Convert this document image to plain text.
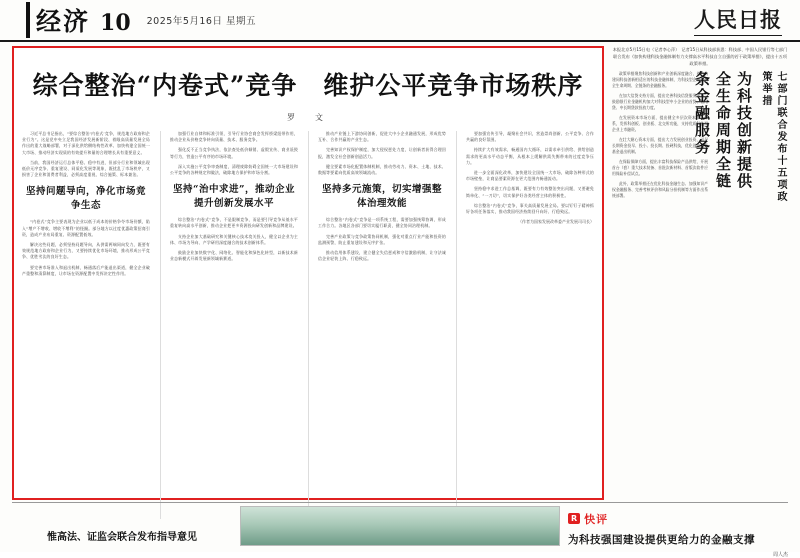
经济 10 2025年5月16日 星期五	人民日报
综合整治“内卷式”竞争　维护公平竞争市场秩序
罗　文

习近平总书记指出，“要综合整治‘内卷式’竞争，规范地方政府和企业行为”。这是党中央立足我国经济发展新阶段、着眼高质量发展全局作出的重大战略部署，对于深化供给侧结构性改革、加快构建全国统一大市场、推动经济实现质的有效提升和量的合理增长具有重要意义。

当前，我国经济运行总体平稳、稳中有进，但部分行业和领域出现低价无序竞争、重复建设、同质化发展等现象，既扰乱了市场秩序，又损害了企业和消费者利益，必须高度重视、综合施策、标本兼治。

坚持问题导向，净化市场竞争生态

“内卷式”竞争主要表现为企业以低于成本的价格争夺市场份额，陷入“增产不增收、增收不增利”的怪圈。部分地方以过度优惠政策招商引资，造成产业布局重复、资源配置低效。

解决这些问题，必须坚持问题导向，从供需两端同向发力，既要有效规范地方政府和企业行为，又要持续优化市场环境，推动形成公平竞争、优胜劣汰的良好生态。

要完善市场准入和退出机制，畅通落后产能退出渠道，健全企业破产重整和清算制度，让市场在资源配置中发挥决定性作用。

加强行业自律和标准引领，引导行业协会商会发挥桥梁纽带作用，推动企业从价格竞争转向质量、技术、服务竞争。

强化反不正当竞争执法，依法查处低价倾销、虚假宣传、商业诋毁等行为，营造公平有序的市场环境。

深入实施公平竞争审查制度，清理废除妨碍全国统一大市场建设和公平竞争的各种规定和做法，破除地方保护和市场分割。

坚持“治中求进”，推动企业提升创新发展水平

综合整治“内卷式”竞争，不是限制竞争，而是要引导竞争从低水平重复转向高水平创新，推动企业把更多资源投向研发创新和品牌建设。

支持企业加大基础研究和关键核心技术攻关投入，健全以企业为主体、市场为导向、产学研用深度融合的技术创新体系。

鼓励企业加快数字化、网络化、智能化和绿色化转型，以新技术新业态新模式开辟发展新领域新赛道。

推动产业链上下游协同创新，促进大中小企业融通发展，形成优势互补、合作共赢的产业生态。

完善知识产权保护制度，加大侵权惩处力度，让创新者获得合理回报，激发全社会创新创造活力。

健全要素市场化配置体制机制，推动劳动力、资本、土地、技术、数据等要素向优质高效领域流动。

坚持多元施策，切实增强整体治理效能

综合整治“内卷式”竞争是一项系统工程，需要加强统筹协调，形成工作合力。各地区各部门要切实履行职责，健全协同治理机制。

完善产业政策与竞争政策协同机制，强化对重点行业产能和投资的监测预警，防止重复建设和无序扩张。

推动信用体系建设，建立健全失信惩戒和守信激励机制，让守法诚信企业轻装上阵、行稳致远。

要加强宣传引导，凝聚社会共识，营造崇尚创新、公平竞争、合作共赢的良好氛围。

持续扩大有效需求，畅通国内大循环，以需求牵引供给、供给创造需求的更高水平动态平衡，从根本上缓解供需失衡带来的过度竞争压力。

进一步全面深化改革，加快建设全国统一大市场，破除各种形式的市场壁垒，让商品要素资源在更大范围内畅通流动。

坚持稳中求进工作总基调，既要有力有效整治突出问题，又要避免简单化、“一刀切”，切实保护好各类经营主体的积极性。

综合整治“内卷式”竞争，事关高质量发展全局。要以钉钉子精神抓好各项任务落实，推动我国经济持续回升向好、行稳致远。

（作者为国家发展改革委产业发展司司长）
本报北京5月15日电（记者李心萍）　记者15日从科技部获悉：科技部、中国人民银行等七部门联合发布《加快构建科技金融体制有力支撑高水平科技自立自强的若干政策举措》，提出十五项政策举措。

政策举措聚焦科技创新和产业创新深度融合，着力构建同科技创新相适应的科技金融体制，为科技型企业提供全生命周期、全链条的金融服务。

在加大信贷支持方面，提出完善科技信贷服务体系，鼓励银行业金融机构加大对科技型中小企业的首贷、信用贷、中长期贷款投放力度。

在发展资本市场方面，提出健全多层次资本市场体系，发挥科创板、创业板、北交所功能，支持优质科技型企业上市融资。

在壮大耐心资本方面，提出大力发展创业投资，引导长期资金投早、投小、投长期、投硬科技，优化创业投资基金退出机制。

在保险保障方面，提出丰富科技保险产品供给，开展首台（套）重大技术装备、首批次新材料、首版次软件应用保险补偿试点。

此外，政策举措还在优化科技金融生态、加强知识产权金融服务、完善考核评价和风险分担机制等方面作出系统部署。	七部门联合发布十五项政策举措
为科技创新提供全生命周期全链条金融服务
惟高法、证监会联合发布指导意见
R 快评
为科技强国建设提供更给力的金融支撑
周人杰
